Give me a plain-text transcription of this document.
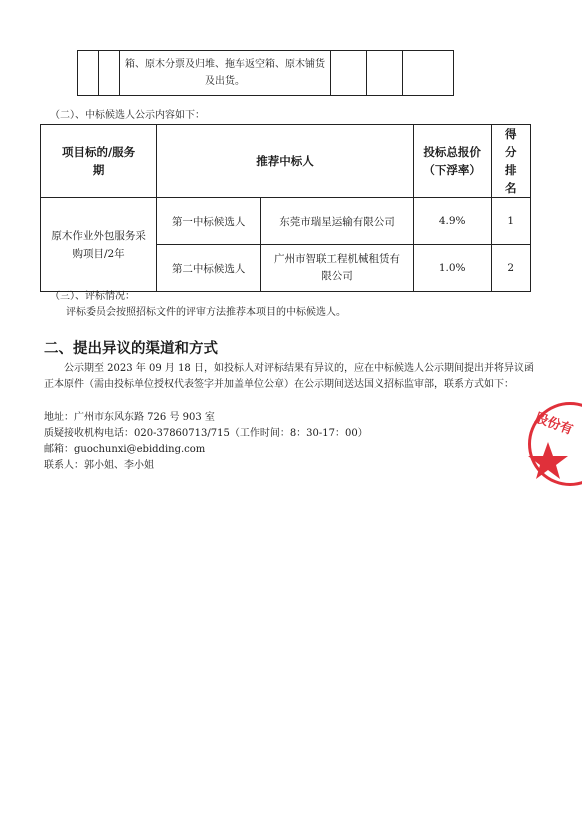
箱、原木分票及归堆、拖车返空箱、原木铺货及出货。

（二）、中标候选人公示内容如下：
项目标的/服务期	推荐中标人		投标总报价（下浮率）	得分排名

原木作业外包服务采购项目/2年	第一中标候选人	东莞市瑞星运输有限公司	4.9%	1
	第二中标候选人	广州市智联工程机械租赁有限公司	1.0%	2
（三）、评标情况：
评标委员会按照招标文件的评审方法推荐本项目的中标候选人。
二、提出异议的渠道和方式
公示期至 2023 年 09 月 18 日，如投标人对评标结果有异议的，应在中标候选人公示期间提出并将异议函正本原件（需由投标单位授权代表签字并加盖单位公章）在公示期间送达国义招标监审部，联系方式如下：
地址：广州市东风东路 726 号 903 室
质疑接收机构电话：020-37860713/715（工作时间：8：30-17：00）
邮箱：guochunxi@ebidding.com
联系人：郭小姐、李小姐
股份有
